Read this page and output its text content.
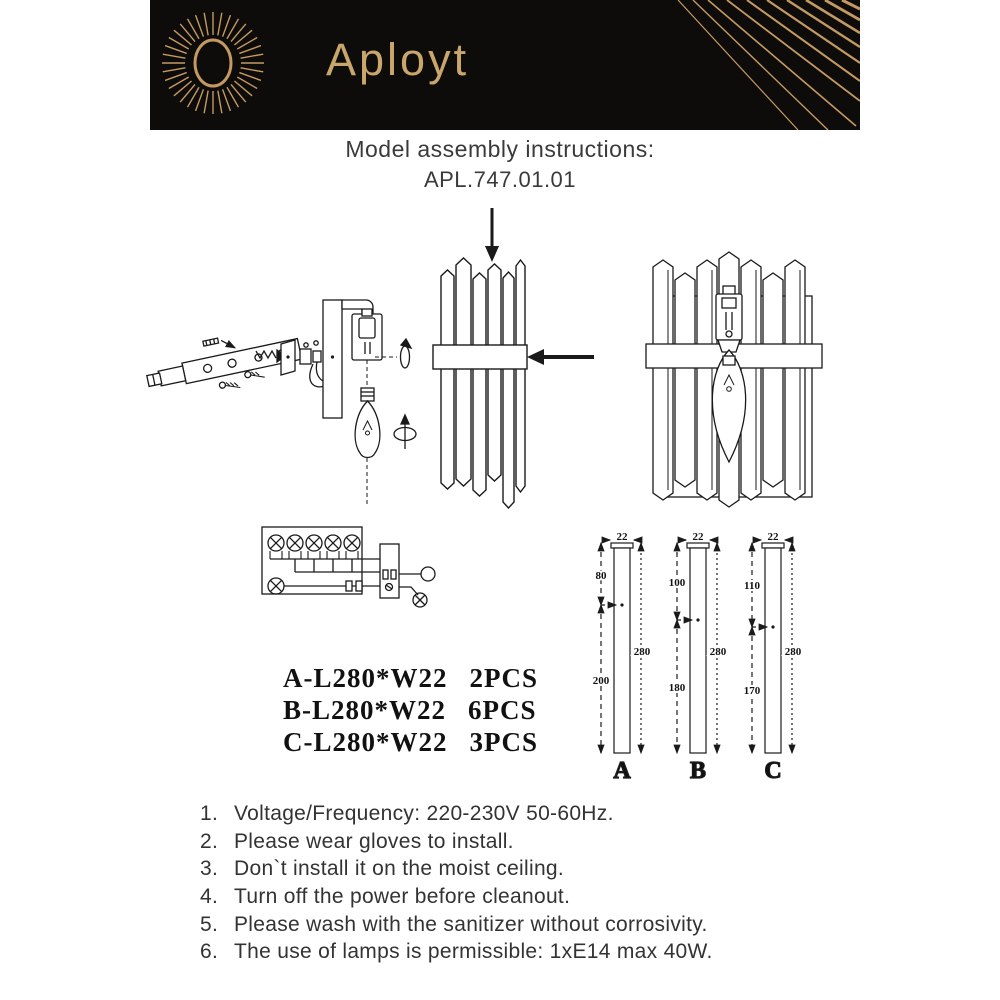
Aployt
Model assembly instructions:
APL.747.01.01
22
80
200
280
A
22
100
180
280
B
22
110
170
280
C
A-L280*W22 2PCS
B-L280*W22 6PCS
C-L280*W22 3PCS
1. Voltage/Frequency: 220-230V 50-60Hz.
2. Please wear gloves to install.
3. Don`t install it on the moist ceiling.
4. Turn off the power before cleanout.
5. Please wash with the sanitizer without corrosivity.
6. The use of lamps is permissible: 1xE14 max 40W.
